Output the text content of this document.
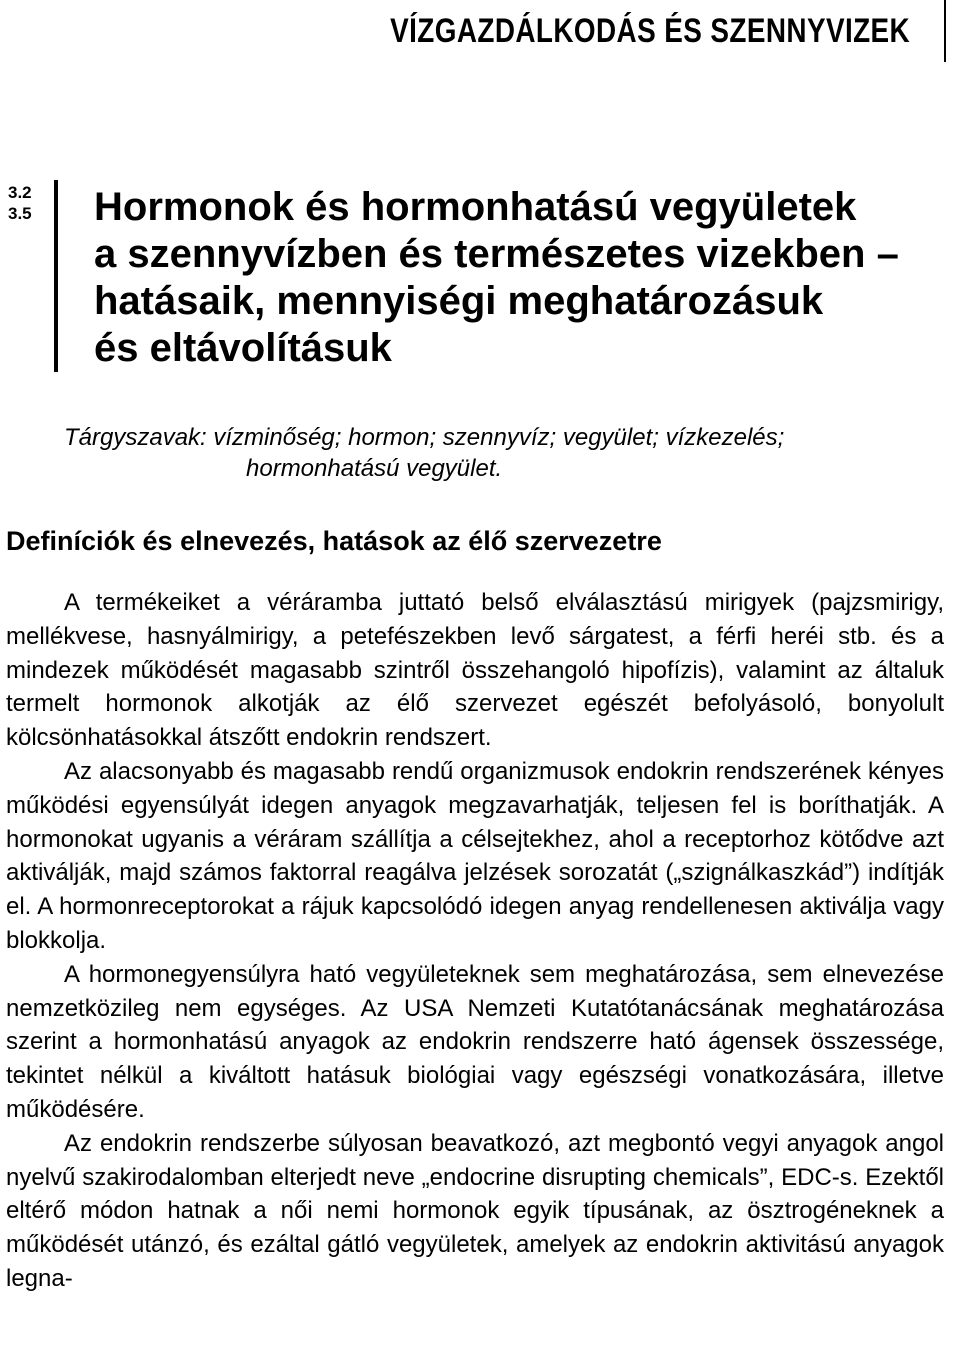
VÍZGAZDÁLKODÁS ÉS SZENNYVIZEK
3.2
3.5 Hormonok és hormonhatású vegyületek
a szennyvízben és természetes vizekben –
hatásaik, mennyiségi meghatározásuk
és eltávolításuk
Tárgyszavak: vízminőség; hormon; szennyvíz; vegyület; vízkezelés;
hormonhatású vegyület.
Definíciók és elnevezés, hatások az élő szervezetre

A termékeiket a véráramba juttató belső elválasztású mirigyek (pajzsmirigy, mellékvese, hasnyálmirigy, a petefészekben levő sárgatest, a férfi heréi stb. és a mindezek működését magasabb szintről összehangoló hipofízis), valamint az általuk termelt hormonok alkotják az élő szervezet egészét befolyásoló, bonyolult kölcsönhatásokkal átszőtt endokrin rendszert.

Az alacsonyabb és magasabb rendű organizmusok endokrin rendszerének kényes működési egyensúlyát idegen anyagok megzavarhatják, teljesen fel is boríthatják. A hormonokat ugyanis a véráram szállítja a célsejtekhez, ahol a receptorhoz kötődve azt aktiválják, majd számos faktorral reagálva jelzések sorozatát („szignálkaszkád”) indítják el. A hormonreceptorokat a rájuk kapcsolódó idegen anyag rendellenesen aktiválja vagy blokkolja.

A hormonegyensúlyra ható vegyületeknek sem meghatározása, sem elnevezése nemzetközileg nem egységes. Az USA Nemzeti Kutatótanácsának meghatározása szerint a hormonhatású anyagok az endokrin rendszerre ható ágensek összessége, tekintet nélkül a kiváltott hatásuk biológiai vagy egészségi vonatkozására, illetve működésére.

Az endokrin rendszerbe súlyosan beavatkozó, azt megbontó vegyi anyagok angol nyelvű szakirodalomban elterjedt neve „endocrine disrupting chemicals”, EDC-s. Ezektől eltérő módon hatnak a női nemi hormonok egyik típusának, az ösztrogéneknek a működését utánzó, és ezáltal gátló vegyületek, amelyek az endokrin aktivitású anyagok legna-
